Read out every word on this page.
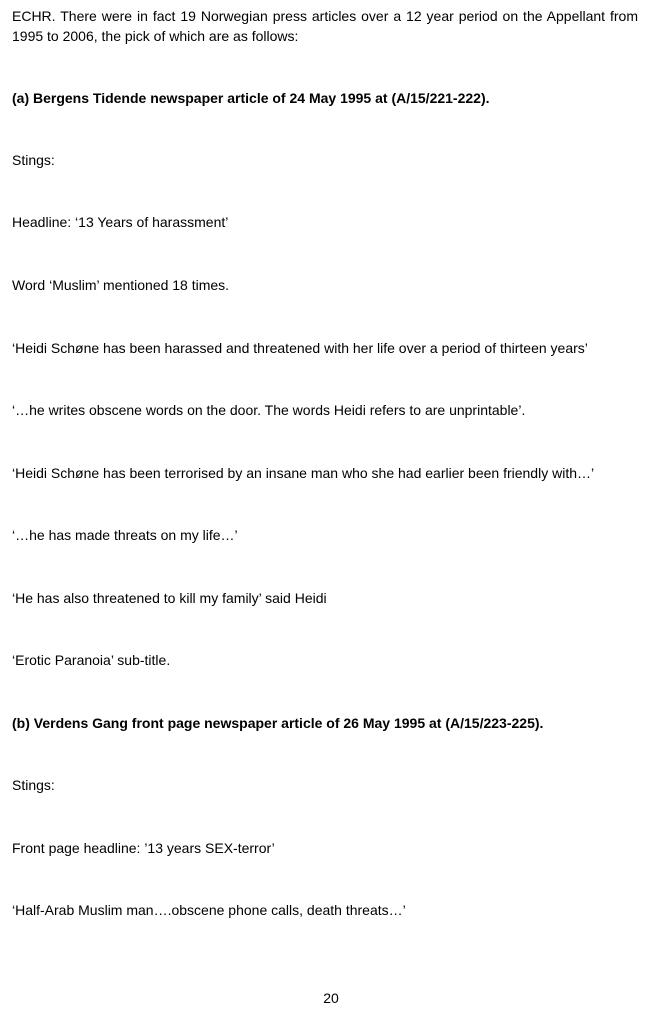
ECHR. There were in fact 19 Norwegian press articles over a 12 year period on the Appellant from 1995 to 2006, the pick of which are as follows:
(a) Bergens Tidende newspaper article of 24 May 1995 at (A/15/221-222).
Stings:
Headline: ‘13 Years of harassment’
Word ‘Muslim’ mentioned 18 times.
‘Heidi Schøne has been harassed and threatened with her life over a period of thirteen years’
‘…he writes obscene words on the door. The words Heidi refers to are unprintable’.
‘Heidi Schøne has been terrorised by an insane man who she had earlier been friendly with…’
‘…he has made threats on my life…’
‘He has also threatened to kill my family’ said Heidi
‘Erotic Paranoia’ sub-title.
(b) Verdens Gang front page newspaper article of 26 May 1995 at (A/15/223-225).
Stings:
Front page headline: ’13 years SEX-terror’
‘Half-Arab Muslim man….obscene phone calls, death threats…’
20
